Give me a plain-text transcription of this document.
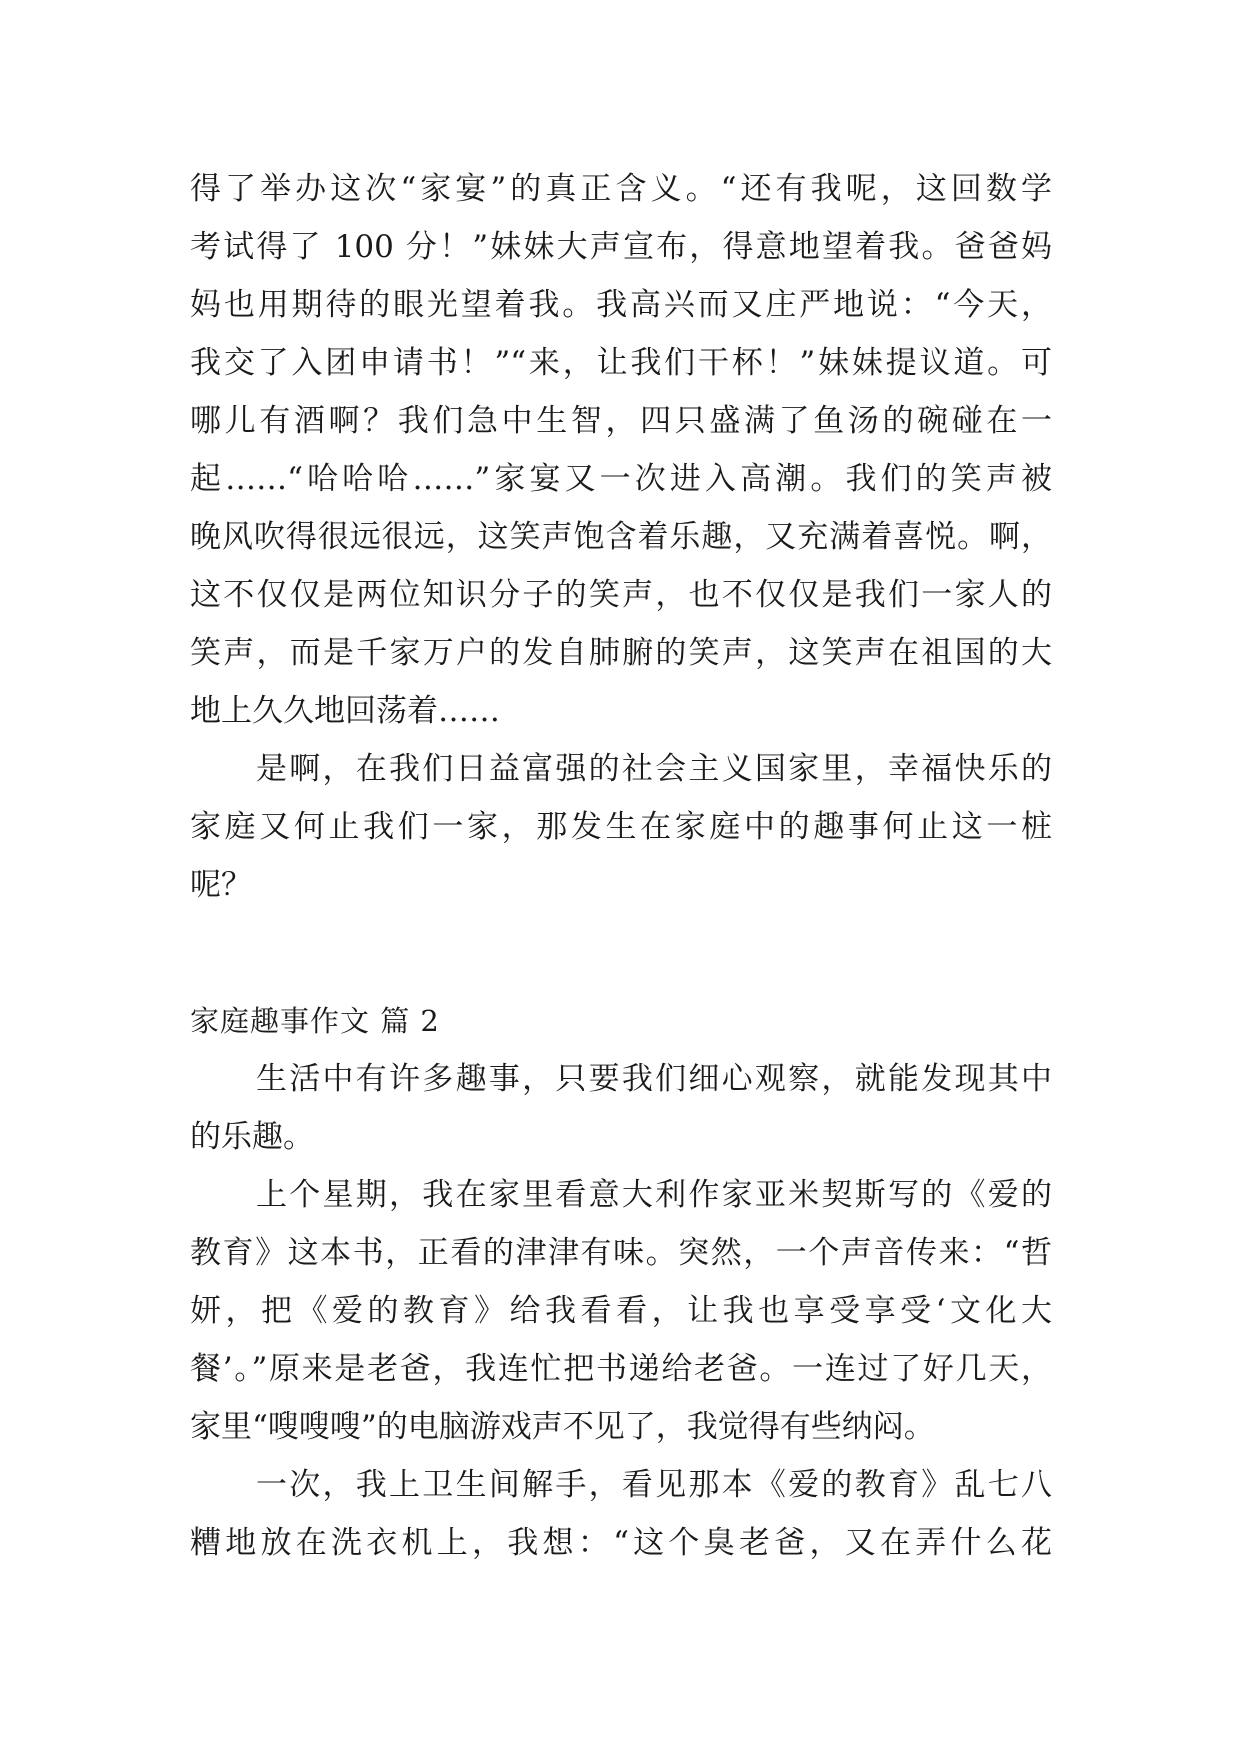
得了举办这次“家宴”的真正含义。“还有我呢，这回数学
考试得了 100 分！”妹妹大声宣布，得意地望着我。爸爸妈
妈也用期待的眼光望着我。我高兴而又庄严地说：“今天，
我交了入团申请书！”“来，让我们干杯！”妹妹提议道。可
哪儿有酒啊？我们急中生智，四只盛满了鱼汤的碗碰在一
起……“哈哈哈……”家宴又一次进入高潮。我们的笑声被
晚风吹得很远很远，这笑声饱含着乐趣，又充满着喜悦。啊，
这不仅仅是两位知识分子的笑声，也不仅仅是我们一家人的
笑声，而是千家万户的发自肺腑的笑声，这笑声在祖国的大
地上久久地回荡着……
是啊，在我们日益富强的社会主义国家里，幸福快乐的
家庭又何止我们一家，那发生在家庭中的趣事何止这一桩
呢？
家庭趣事作文 篇 2
生活中有许多趣事，只要我们细心观察，就能发现其中
的乐趣。
上个星期，我在家里看意大利作家亚米契斯写的《爱的
教育》这本书，正看的津津有味。突然，一个声音传来：“哲
妍，把《爱的教育》给我看看，让我也享受享受‘文化大
餐’。”原来是老爸，我连忙把书递给老爸。一连过了好几天，
家里“嗖嗖嗖”的电脑游戏声不见了，我觉得有些纳闷。
一次，我上卫生间解手，看见那本《爱的教育》乱七八
糟地放在洗衣机上，我想：“这个臭老爸，又在弄什么花
